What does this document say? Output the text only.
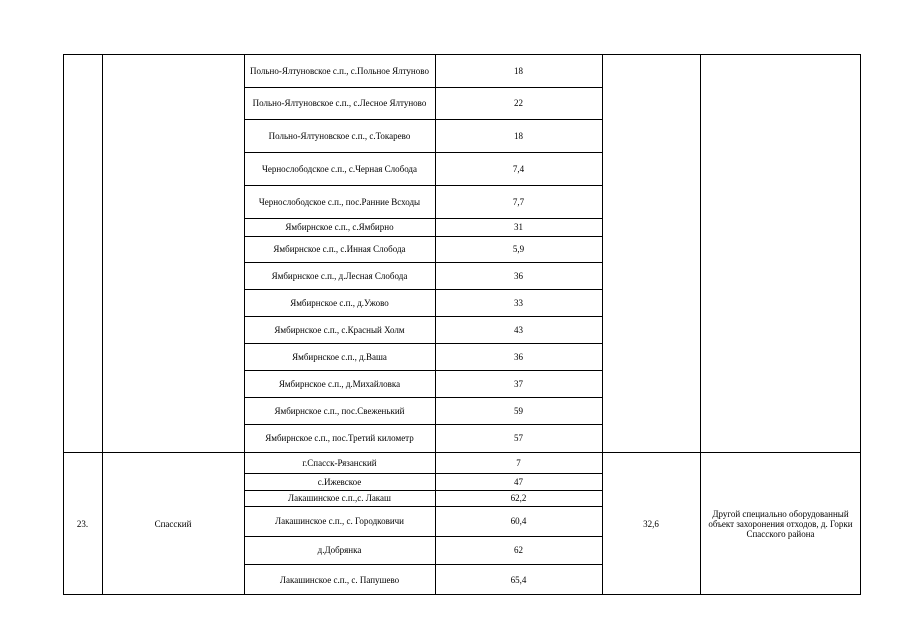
Польно-Ялтуновское с.п., с.Польное Ялтуново	18
Польно-Ялтуновское с.п., с.Лесное Ялтуново	22
Польно-Ялтуновское с.п., с.Токарево	18
Чернослободское с.п., с.Черная Слобода	7,4
Чернослободское с.п., пос.Ранние Всходы	7,7
Ямбирнское с.п., с.Ямбирно	31
Ямбирнское с.п., с.Инная Слобода	5,9
Ямбирнское с.п., д.Лесная Слобода	36
Ямбирнское с.п., д.Ужово	33
Ямбирнское с.п., с.Красный Холм	43
Ямбирнское с.п., д.Ваша	36
Ямбирнское с.п., д.Михайловка	37
Ямбирнское с.п., пос.Свеженький	59
Ямбирнское с.п., пос.Третий километр	57
г.Спасск-Рязанский	7
с.Ижевское	47
Лакашинское с.п.,с. Лакаш	62,2
Лакашинское с.п., с. Городковичи	60,4
д.Добрянка	62
Лакашинское с.п., с. Папушево	65,4
23.	Спасский	32,6
Другой специально оборудованный объект захоронения отходов, д. Горки Спасского района
